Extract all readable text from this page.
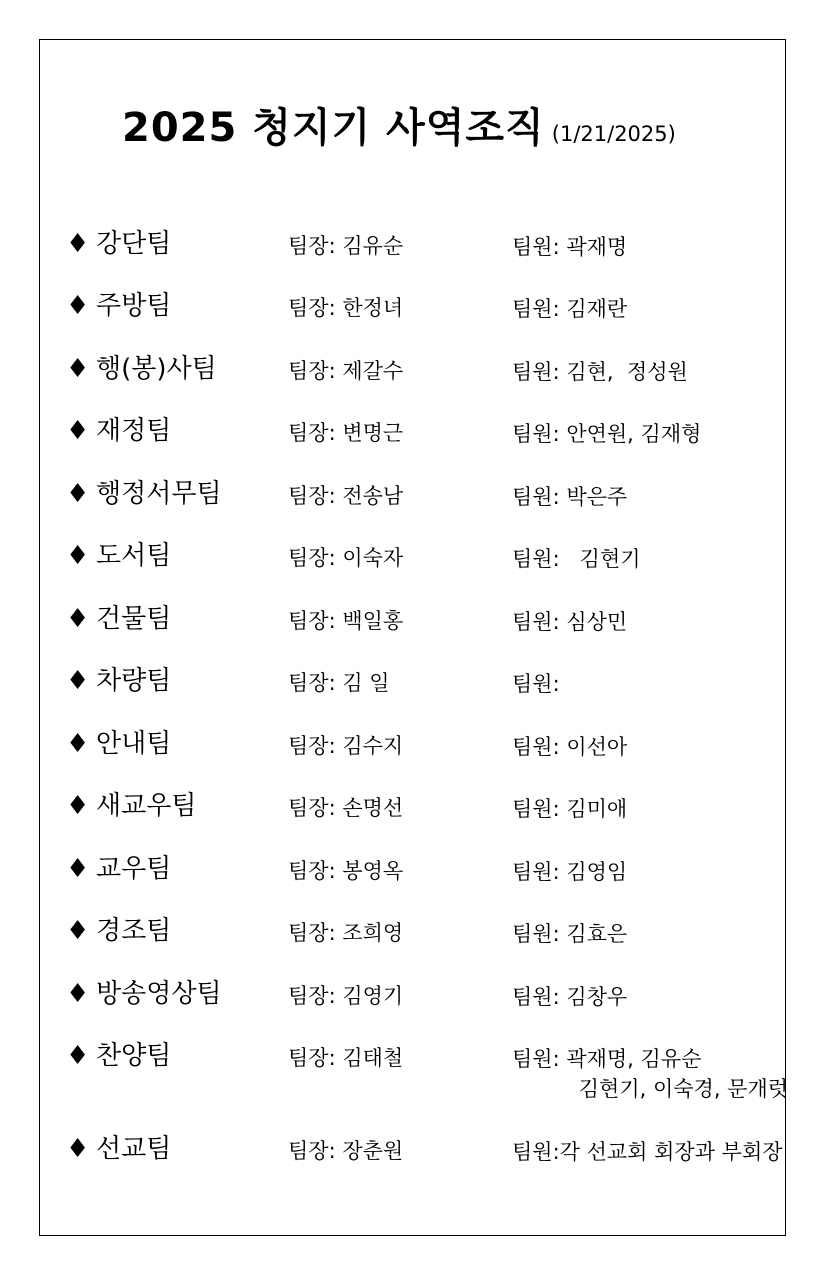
2025 청지기 사역조직 (1/21/2025)
♦ 강단팀	팀장: 김유순	팀원: 곽재명
♦ 주방팀	팀장: 한정녀	팀원: 김재란
♦ 행(봉)사팀	팀장: 제갈수	팀원: 김현,  정성원
♦ 재정팀	팀장: 변명근	팀원: 안연원, 김재형
♦ 행정서무팀	팀장: 전송남	팀원: 박은주
♦ 도서팀	팀장: 이숙자	팀원:   김현기
♦ 건물팀	팀장: 백일홍	팀원: 심상민
♦ 차량팀	팀장: 김 일	팀원:
♦ 안내팀	팀장: 김수지	팀원: 이선아
♦ 새교우팀	팀장: 손명선	팀원: 김미애
♦ 교우팀	팀장: 봉영옥	팀원: 김영임
♦ 경조팀	팀장: 조희영	팀원: 김효은
♦ 방송영상팀	팀장: 김영기	팀원: 김창우
♦ 찬양팀	팀장: 김태철	팀원: 곽재명, 김유순
김현기, 이숙경, 문개럿
♦ 선교팀	팀장: 장춘원	팀원:각 선교회 회장과 부회장
